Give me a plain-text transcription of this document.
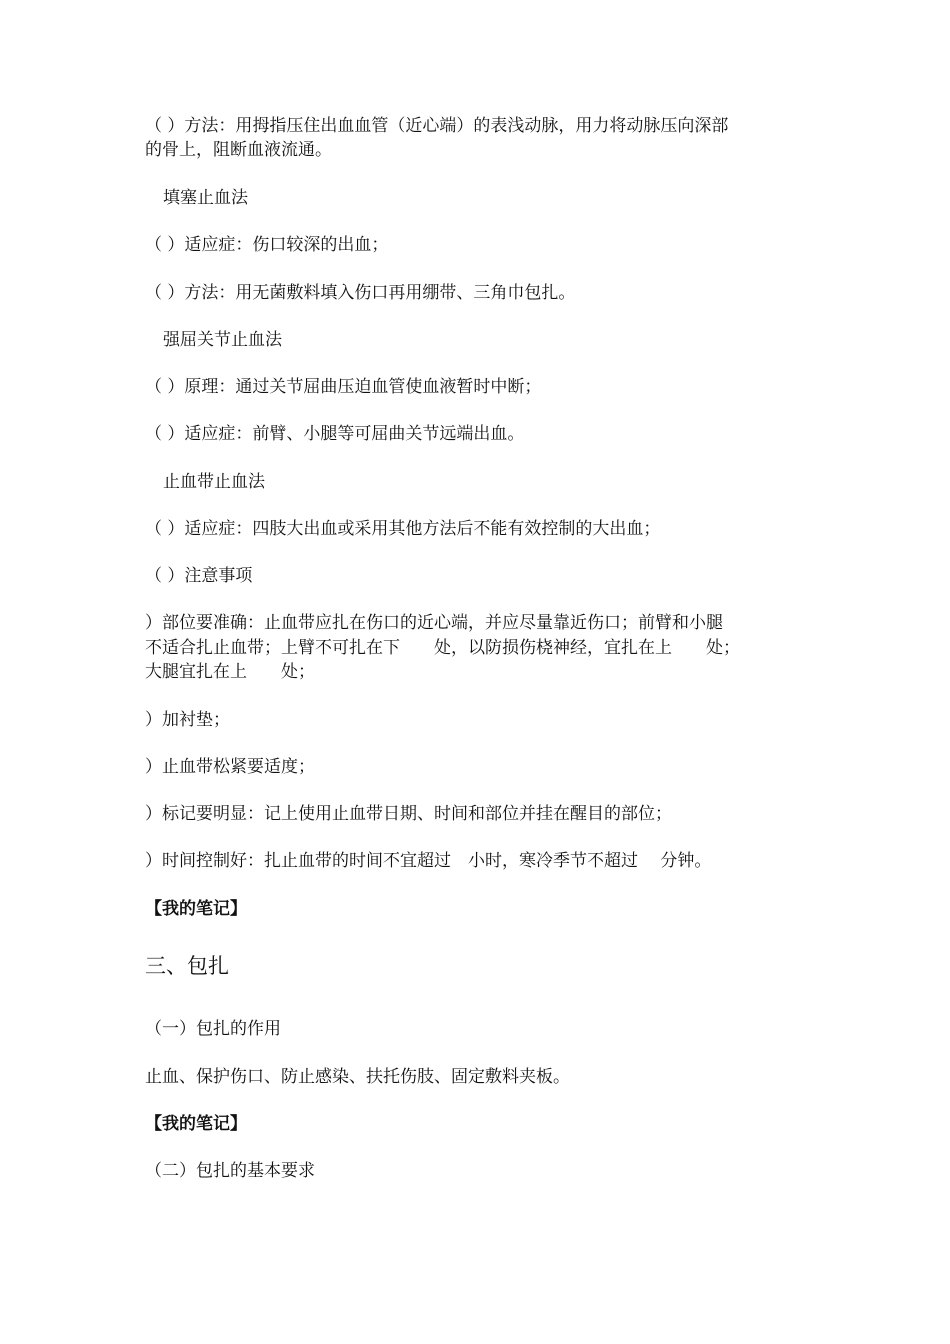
（ ）方法：用拇指压住出血血管（近心端）的表浅动脉，用力将动脉压向深部

的骨上，阻断血液流通。

填塞止血法

（ ）适应症：伤口较深的出血；

（ ）方法：用无菌敷料填入伤口再用绷带、三角巾包扎。

强屈关节止血法

（ ）原理：通过关节屈曲压迫血管使血液暂时中断；

（ ）适应症：前臂、小腿等可屈曲关节远端出血。

止血带止血法

（ ）适应症：四肢大出血或采用其他方法后不能有效控制的大出血；

（ ）注意事项

）部位要准确：止血带应扎在伤口的近心端，并应尽量靠近伤口；前臂和小腿

不适合扎止血带；上臂不可扎在下　　处，以防损伤桡神经，宜扎在上　　处；

大腿宜扎在上　　处；

）加衬垫；

）止血带松紧要适度；

）标记要明显：记上使用止血带日期、时间和部位并挂在醒目的部位；

）时间控制好：扎止血带的时间不宜超过　小时，寒冷季节不超过　 分钟。

【我的笔记】

三、包扎

（一）包扎的作用

止血、保护伤口、防止感染、扶托伤肢、固定敷料夹板。

【我的笔记】

（二）包扎的基本要求
